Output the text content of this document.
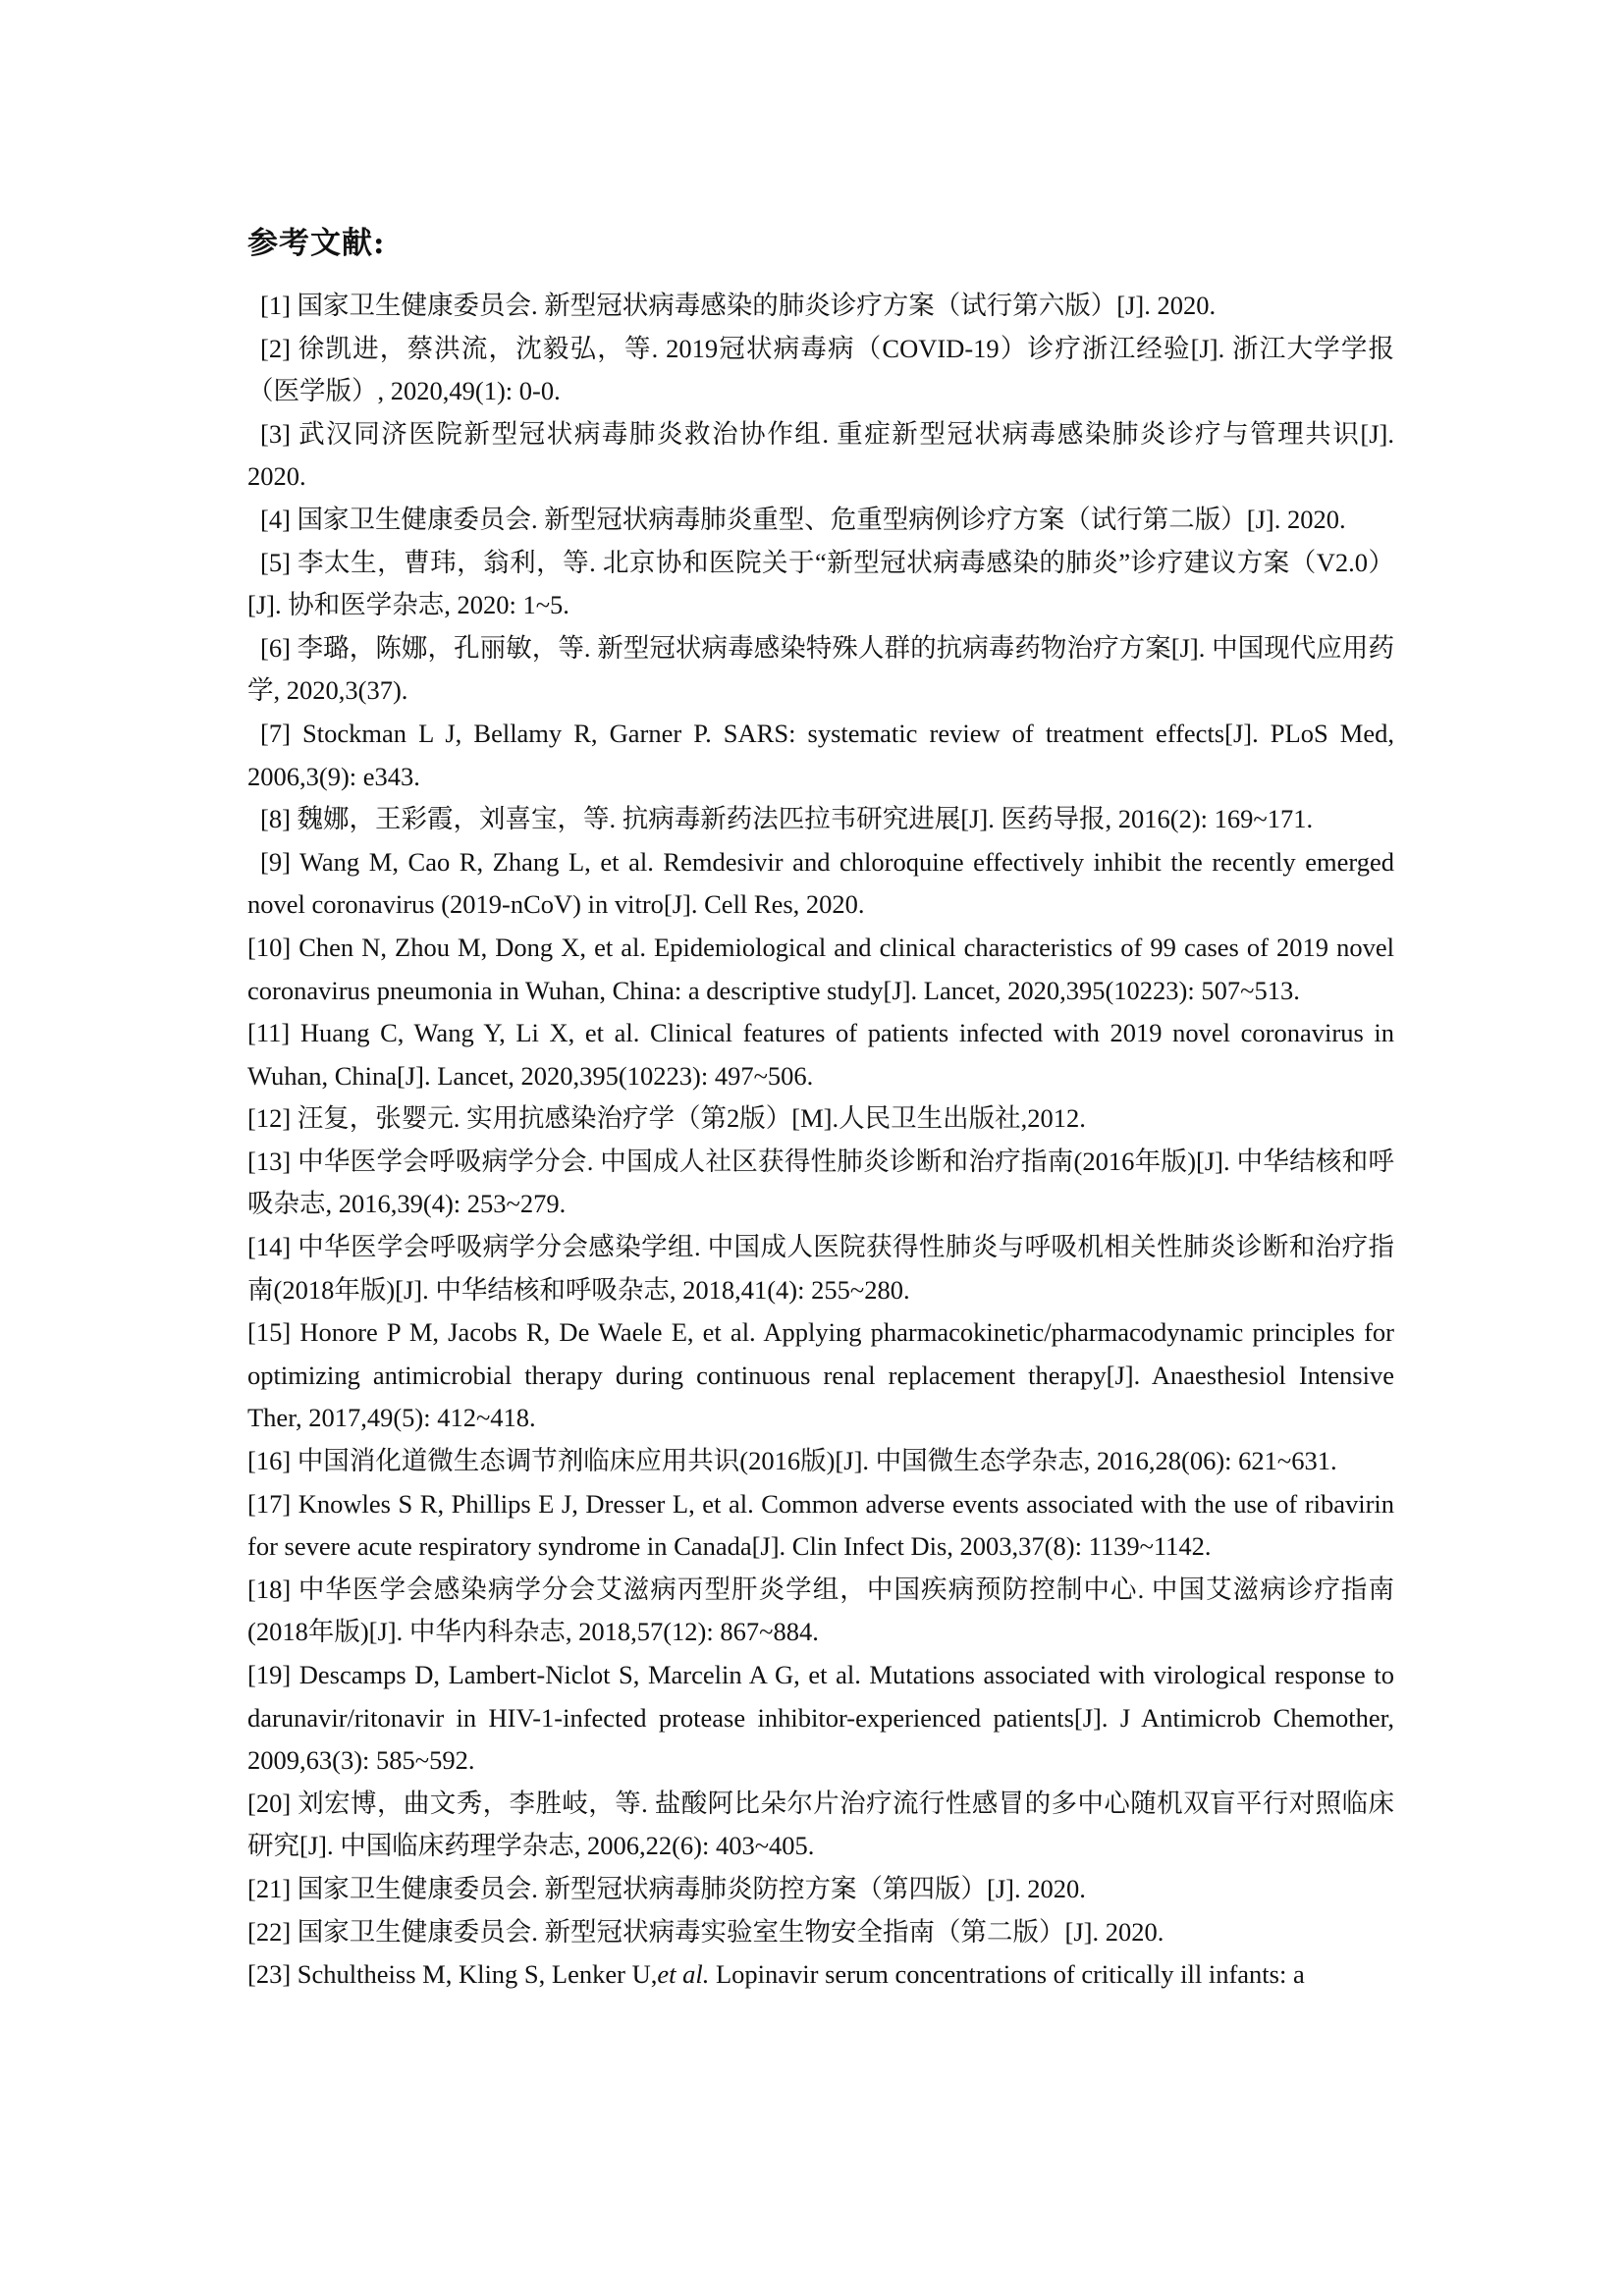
参考文献:
[1] 国家卫生健康委员会. 新型冠状病毒感染的肺炎诊疗方案（试行第六版）[J]. 2020.
[2] 徐凯进，蔡洪流，沈毅弘，等. 2019冠状病毒病（COVID-19）诊疗浙江经验[J]. 浙江大学学报（医学版）, 2020,49(1): 0-0.
[3] 武汉同济医院新型冠状病毒肺炎救治协作组. 重症新型冠状病毒感染肺炎诊疗与管理共识[J]. 2020.
[4] 国家卫生健康委员会. 新型冠状病毒肺炎重型、危重型病例诊疗方案（试行第二版）[J]. 2020.
[5] 李太生，曹玮，翁利，等. 北京协和医院关于“新型冠状病毒感染的肺炎”诊疗建议方案（V2.0）[J]. 协和医学杂志, 2020: 1~5.
[6] 李璐，陈娜，孔丽敏，等. 新型冠状病毒感染特殊人群的抗病毒药物治疗方案[J]. 中国现代应用药学, 2020,3(37).
[7] Stockman L J, Bellamy R, Garner P. SARS: systematic review of treatment effects[J]. PLoS Med, 2006,3(9): e343.
[8] 魏娜，王彩霞，刘喜宝，等. 抗病毒新药法匹拉韦研究进展[J]. 医药导报, 2016(2): 169~171.
[9] Wang M, Cao R, Zhang L, et al. Remdesivir and chloroquine effectively inhibit the recently emerged novel coronavirus (2019-nCoV) in vitro[J]. Cell Res, 2020.
[10] Chen N, Zhou M, Dong X, et al. Epidemiological and clinical characteristics of 99 cases of 2019 novel coronavirus pneumonia in Wuhan, China: a descriptive study[J]. Lancet, 2020,395(10223): 507~513.
[11] Huang C, Wang Y, Li X, et al. Clinical features of patients infected with 2019 novel coronavirus in Wuhan, China[J]. Lancet, 2020,395(10223): 497~506.
[12] 汪复，张婴元. 实用抗感染治疗学（第2版）[M].人民卫生出版社,2012.
[13] 中华医学会呼吸病学分会. 中国成人社区获得性肺炎诊断和治疗指南(2016年版)[J]. 中华结核和呼吸杂志, 2016,39(4): 253~279.
[14] 中华医学会呼吸病学分会感染学组. 中国成人医院获得性肺炎与呼吸机相关性肺炎诊断和治疗指南(2018年版)[J]. 中华结核和呼吸杂志, 2018,41(4): 255~280.
[15] Honore P M, Jacobs R, De Waele E, et al. Applying pharmacokinetic/pharmacodynamic principles for optimizing antimicrobial therapy during continuous renal replacement therapy[J]. Anaesthesiol Intensive Ther, 2017,49(5): 412~418.
[16] 中国消化道微生态调节剂临床应用共识(2016版)[J]. 中国微生态学杂志, 2016,28(06): 621~631.
[17] Knowles S R, Phillips E J, Dresser L, et al. Common adverse events associated with the use of ribavirin for severe acute respiratory syndrome in Canada[J]. Clin Infect Dis, 2003,37(8): 1139~1142.
[18] 中华医学会感染病学分会艾滋病丙型肝炎学组，中国疾病预防控制中心. 中国艾滋病诊疗指南(2018年版)[J]. 中华内科杂志, 2018,57(12): 867~884.
[19] Descamps D, Lambert-Niclot S, Marcelin A G, et al. Mutations associated with virological response to darunavir/ritonavir in HIV-1-infected protease inhibitor-experienced patients[J]. J Antimicrob Chemother, 2009,63(3): 585~592.
[20] 刘宏博，曲文秀，李胜岐，等. 盐酸阿比朵尔片治疗流行性感冒的多中心随机双盲平行对照临床研究[J]. 中国临床药理学杂志, 2006,22(6): 403~405.
[21] 国家卫生健康委员会. 新型冠状病毒肺炎防控方案（第四版）[J]. 2020.
[22] 国家卫生健康委员会. 新型冠状病毒实验室生物安全指南（第二版）[J]. 2020.
[23] Schultheiss M, Kling S, Lenker U,et al. Lopinavir serum concentrations of critically ill infants: a
